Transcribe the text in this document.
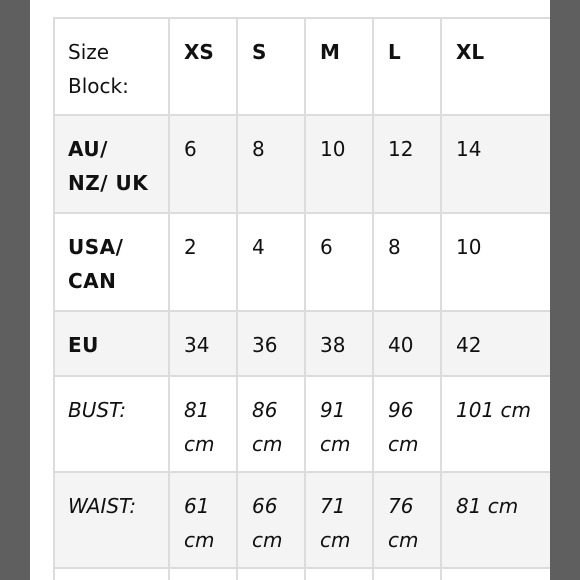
Size Block:	XS	S	M	L	XL
AU/ NZ/ UK	6	8	10	12	14
USA/ CAN	2	4	6	8	10
EU	34	36	38	40	42
BUST:	81 cm	86 cm	91 cm	96 cm	101 cm
WAIST:	61 cm	66 cm	71 cm	76 cm	81 cm
